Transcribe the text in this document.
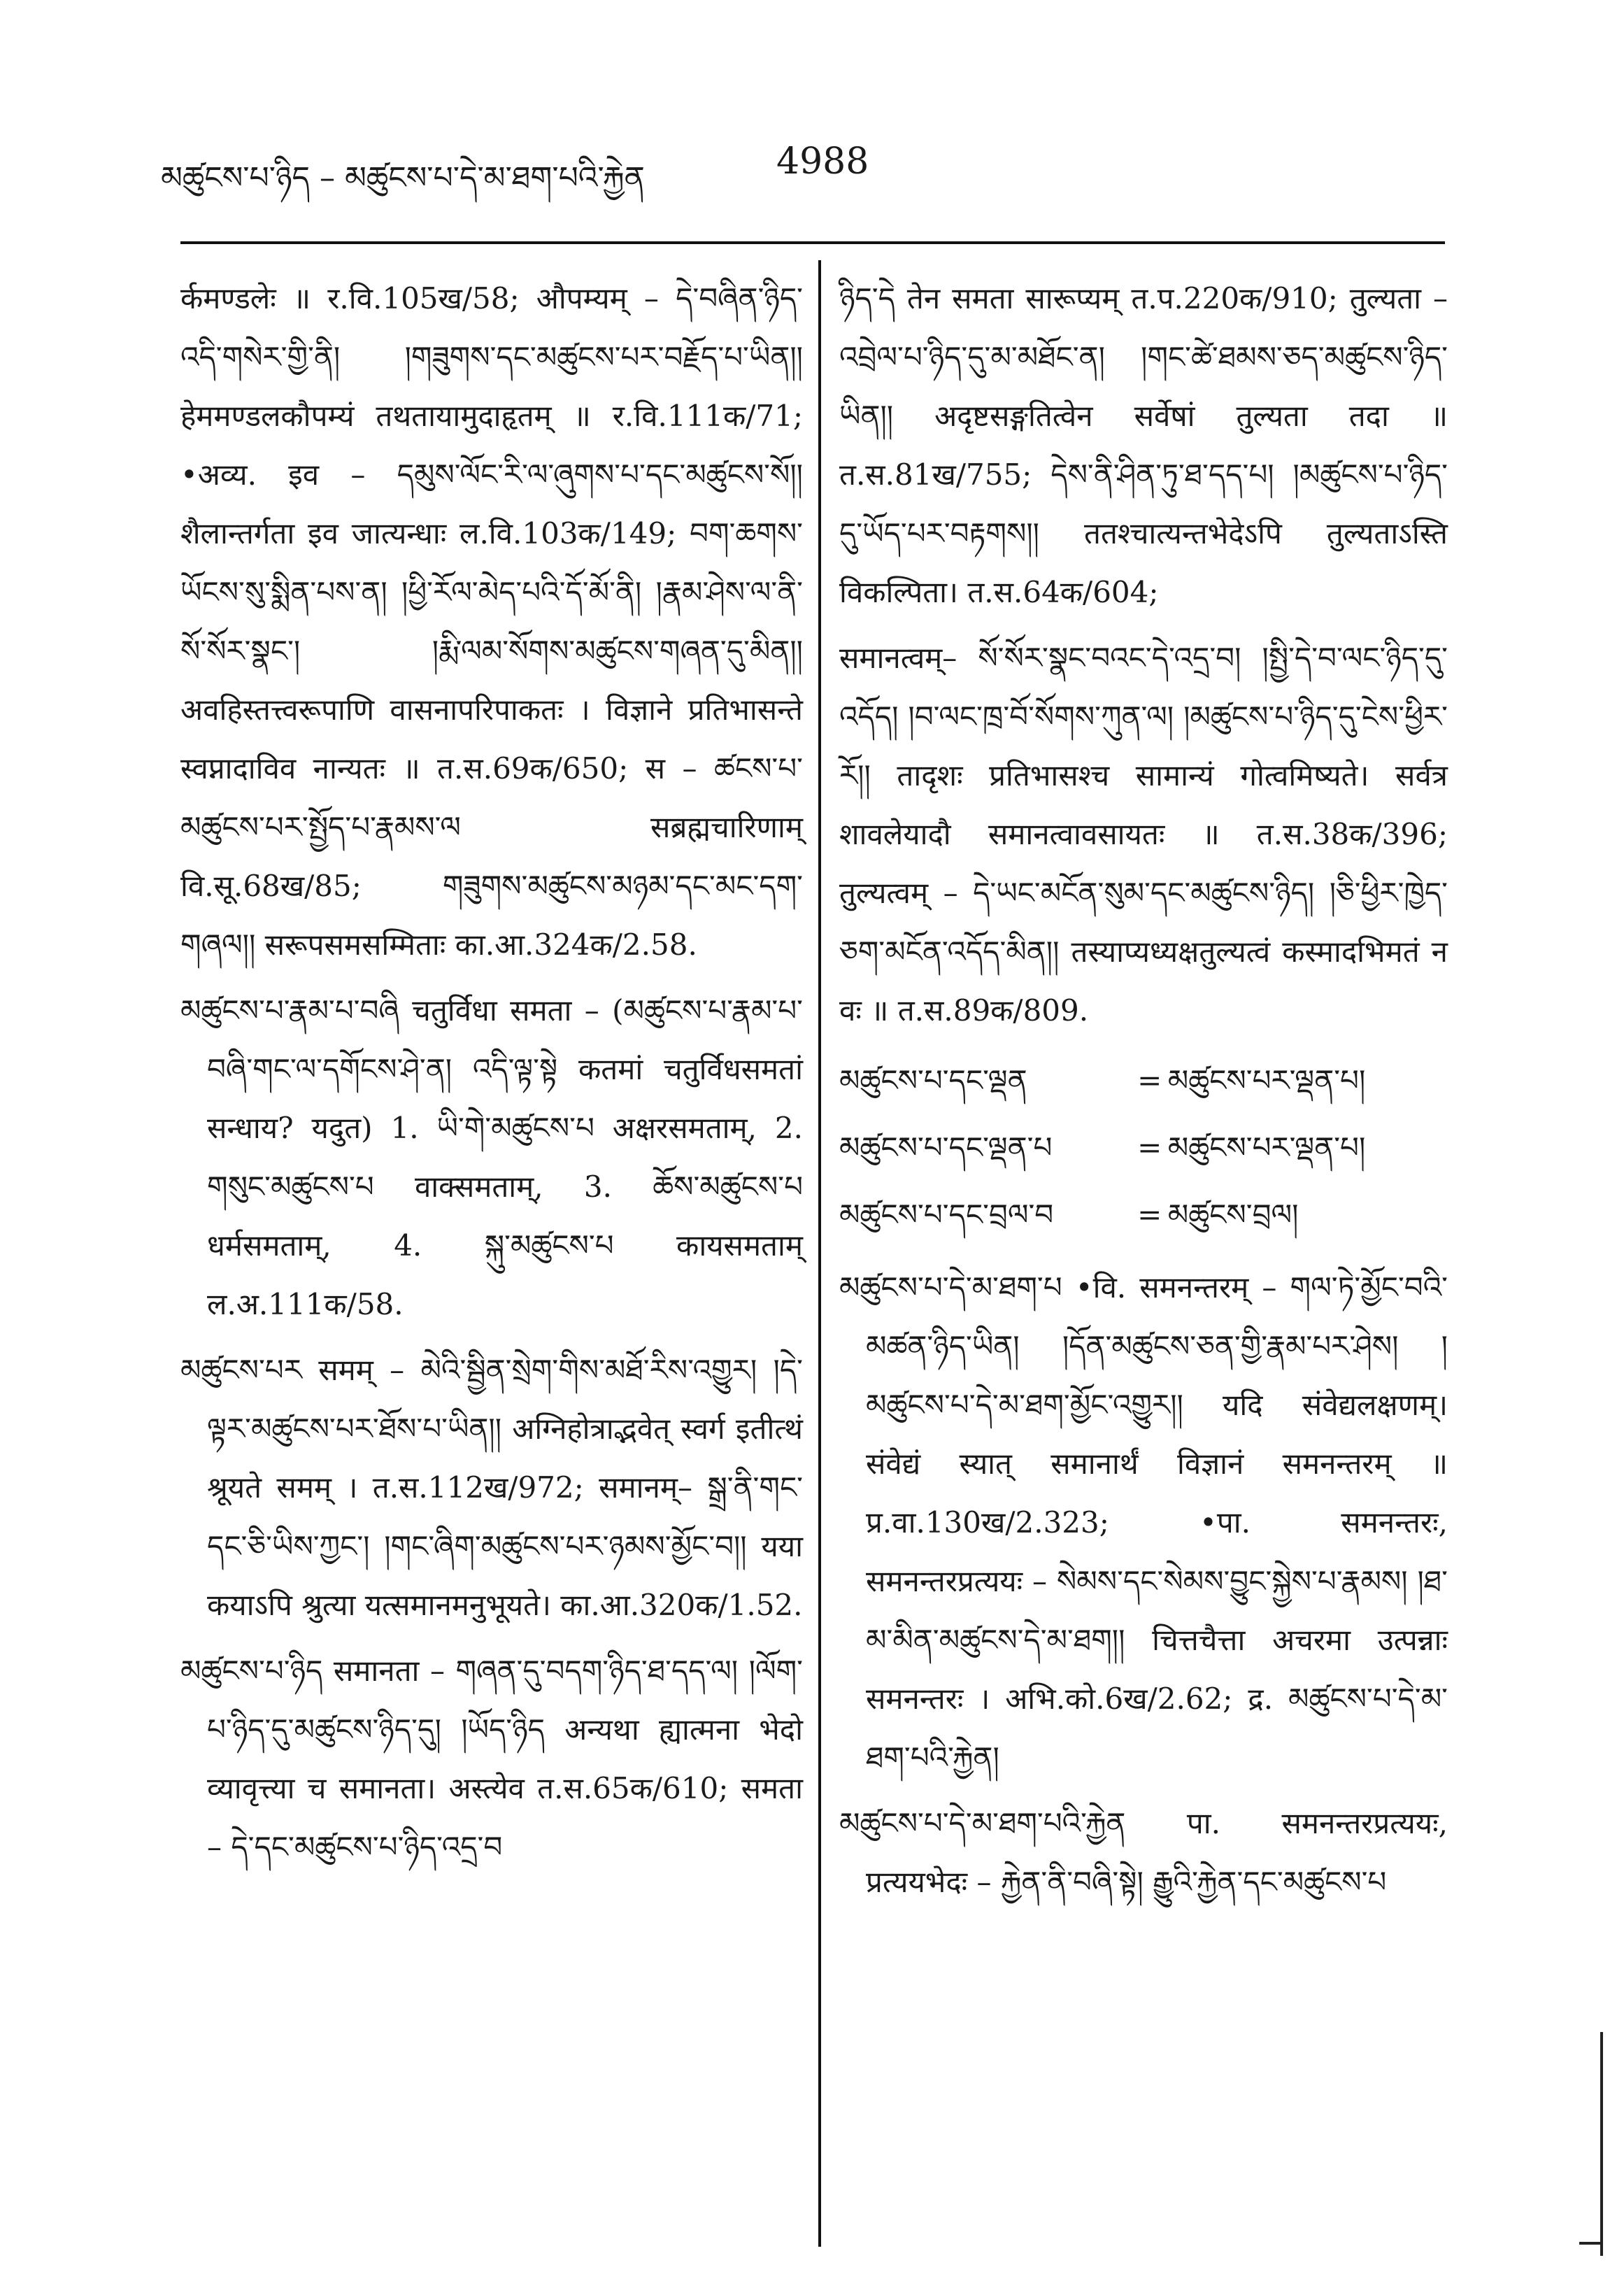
མཚུངས་པ་ཉིད – མཚུངས་པ་དེ་མ་ཐག་པའི་རྐྱེན	4988

र्कमण्डलेः ॥ र.वि.105ख/58; औपम्यम् – དེ་བཞིན་ཉིད་འདི་གསེར་གྱི་ནི། །གཟུགས་དང་མཚུངས་པར་བརྗོད་པ་ཡིན།། हेममण्डलकौपम्यं तथतायामुदाहृतम् ॥ र.वि.111क/71; •अव्य. इव – དམུས་ལོང་རི་ལ་ཞུགས་པ་དང་མཚུངས་སོ།། शैलान्तर्गता इव जात्यन्धाः ल.वि.103क/149; བག་ཆགས་ཡོངས་སུ་སྨིན་པས་ན། །ཕྱི་རོལ་མེད་པའི་དོ་མོ་ནི། །རྣམ་ཤེས་ལ་ནི་སོ་སོར་སྣང་། །རྨི་ལམ་སོགས་མཚུངས་གཞན་དུ་མིན།། अवहिस्तत्त्वरूपाणि वासनापरिपाकतः । विज्ञाने प्रतिभासन्ते स्वप्नादाविव नान्यतः ॥ त.स.69क/650; स – ཚངས་པ་མཚུངས་པར་སྤྱོད་པ་རྣམས་ལ सब्रह्मचारिणाम् वि.सू.68ख/85; གཟུགས་མཚུངས་མཉམ་དང་མང་དག་གཞལ།། सरूपसमसम्मिताः का.आ.324क/2.58.

མཚུངས་པ་རྣམ་པ་བཞི चतुर्विधा समता – (མཚུངས་པ་རྣམ་པ་བཞི་གང་ལ་དགོངས་ཤེ་ན། འདི་ལྟ་སྟེ कतमां चतुर्विधसमतां सन्धाय? यदुत) 1. ཡི་གེ་མཚུངས་པ अक्षरसमताम्, 2. གསུང་མཚུངས་པ वाक्समताम्, 3. ཆོས་མཚུངས་པ धर्मसमताम्, 4. སྐུ་མཚུངས་པ कायसमताम् ल.अ.111क/58.

མཚུངས་པར समम् – མེའི་སྦྱིན་སྲེག་གིས་མཐོ་རིས་འགྱུར། །དེ་ལྟར་མཚུངས་པར་ཐོས་པ་ཡིན།། अग्निहोत्राद्भवेत् स्वर्ग इतीत्थं श्रूयते समम् । त.स.112ख/972; समानम्– སྒྲ་ནི་གང་དང་ཅི་ཡིས་ཀྱང་། །གང་ཞིག་མཚུངས་པར་ཉམས་མྱོང་བ།། यया कयाऽपि श्रुत्या यत्समानमनुभूयते। का.आ.320क/1.52.

མཚུངས་པ་ཉིད समानता – གཞན་དུ་བདག་ཉིད་ཐ་དད་ལ། །ལོག་པ་ཉིད་དུ་མཚུངས་ཉིད་དུ། །ཡོད་ཉིད अन्यथा ह्यात्मना भेदो व्यावृत्त्या च समानता। अस्त्येव त.स.65क/610; समता – དེ་དང་མཚུངས་པ་ཉིད་འདྲ་བ

ཉིད་དེ तेन समता सारूप्यम् त.प.220क/910; तुल्यता – འབྲེལ་པ་ཉིད་དུ་མ་མཐོང་ན། །གང་ཚེ་ཐམས་ཅད་མཚུངས་ཉིད་ཡིན།། अदृष्टसङ्गतित्वेन सर्वेषां तुल्यता तदा ॥ त.स.81ख/755; དེས་ནི་ཤིན་ཏུ་ཐ་དད་པ། །མཚུངས་པ་ཉིད་དུ་ཡོད་པར་བརྟགས།། ततश्चात्यन्तभेदेऽपि तुल्यताऽस्ति विकल्पिता। त.स.64क/604;

समानत्वम्– སོ་སོར་སྣང་བའང་དེ་འདྲ་བ། །སྤྱི་དེ་བ་ལང་ཉིད་དུ་འདོད། །བ་ལང་ཁྲ་བོ་སོགས་ཀུན་ལ། །མཚུངས་པ་ཉིད་དུ་ངེས་ཕྱིར་རོ།། तादृशः प्रतिभासश्च सामान्यं गोत्वमिष्यते। सर्वत्र शावलेयादौ समानत्वावसायतः ॥ त.स.38क/396; तुल्यत्वम् – དེ་ཡང་མངོན་སུམ་དང་མཚུངས་ཉིད། །ཅི་ཕྱིར་ཁྱེད་ཅག་མངོན་འདོད་མིན།། तस्याप्यध्यक्षतुल्यत्वं कस्मादभिमतं न वः ॥ त.स.89क/809.

མཚུངས་པ་དང་ལྡན	=	མཚུངས་པར་ལྡན་པ།
མཚུངས་པ་དང་ལྡན་པ	=	མཚུངས་པར་ལྡན་པ།
མཚུངས་པ་དང་བྲལ་བ	=	མཚུངས་བྲལ།

མཚུངས་པ་དེ་མ་ཐག་པ •वि. समनन्तरम् – གལ་ཏེ་མྱོང་བའི་མཚན་ཉིད་ཡིན། །དོན་མཚུངས་ཅན་གྱི་རྣམ་པར་ཤེས། །མཚུངས་པ་དེ་མ་ཐག་མྱོང་འགྱུར།། यदि संवेद्यलक्षणम्। संवेद्यं स्यात् समानार्थं विज्ञानं समनन्तरम् ॥ प्र.वा.130ख/2.323; •पा. समनन्तरः, समनन्तरप्रत्ययः – སེམས་དང་སེམས་བྱུང་སྐྱེས་པ་རྣམས། །ཐ་མ་མིན་མཚུངས་དེ་མ་ཐག།། चित्तचैत्ता अचरमा उत्पन्नाः समनन्तरः । अभि.को.6ख/2.62; द्र. མཚུངས་པ་དེ་མ་ཐག་པའི་རྐྱེན།

མཚུངས་པ་དེ་མ་ཐག་པའི་རྐྱེན पा. समनन्तरप्रत्ययः, प्रत्ययभेदः – རྐྱེན་ནི་བཞི་སྟེ། རྒྱུའི་རྐྱེན་དང་མཚུངས་པ
